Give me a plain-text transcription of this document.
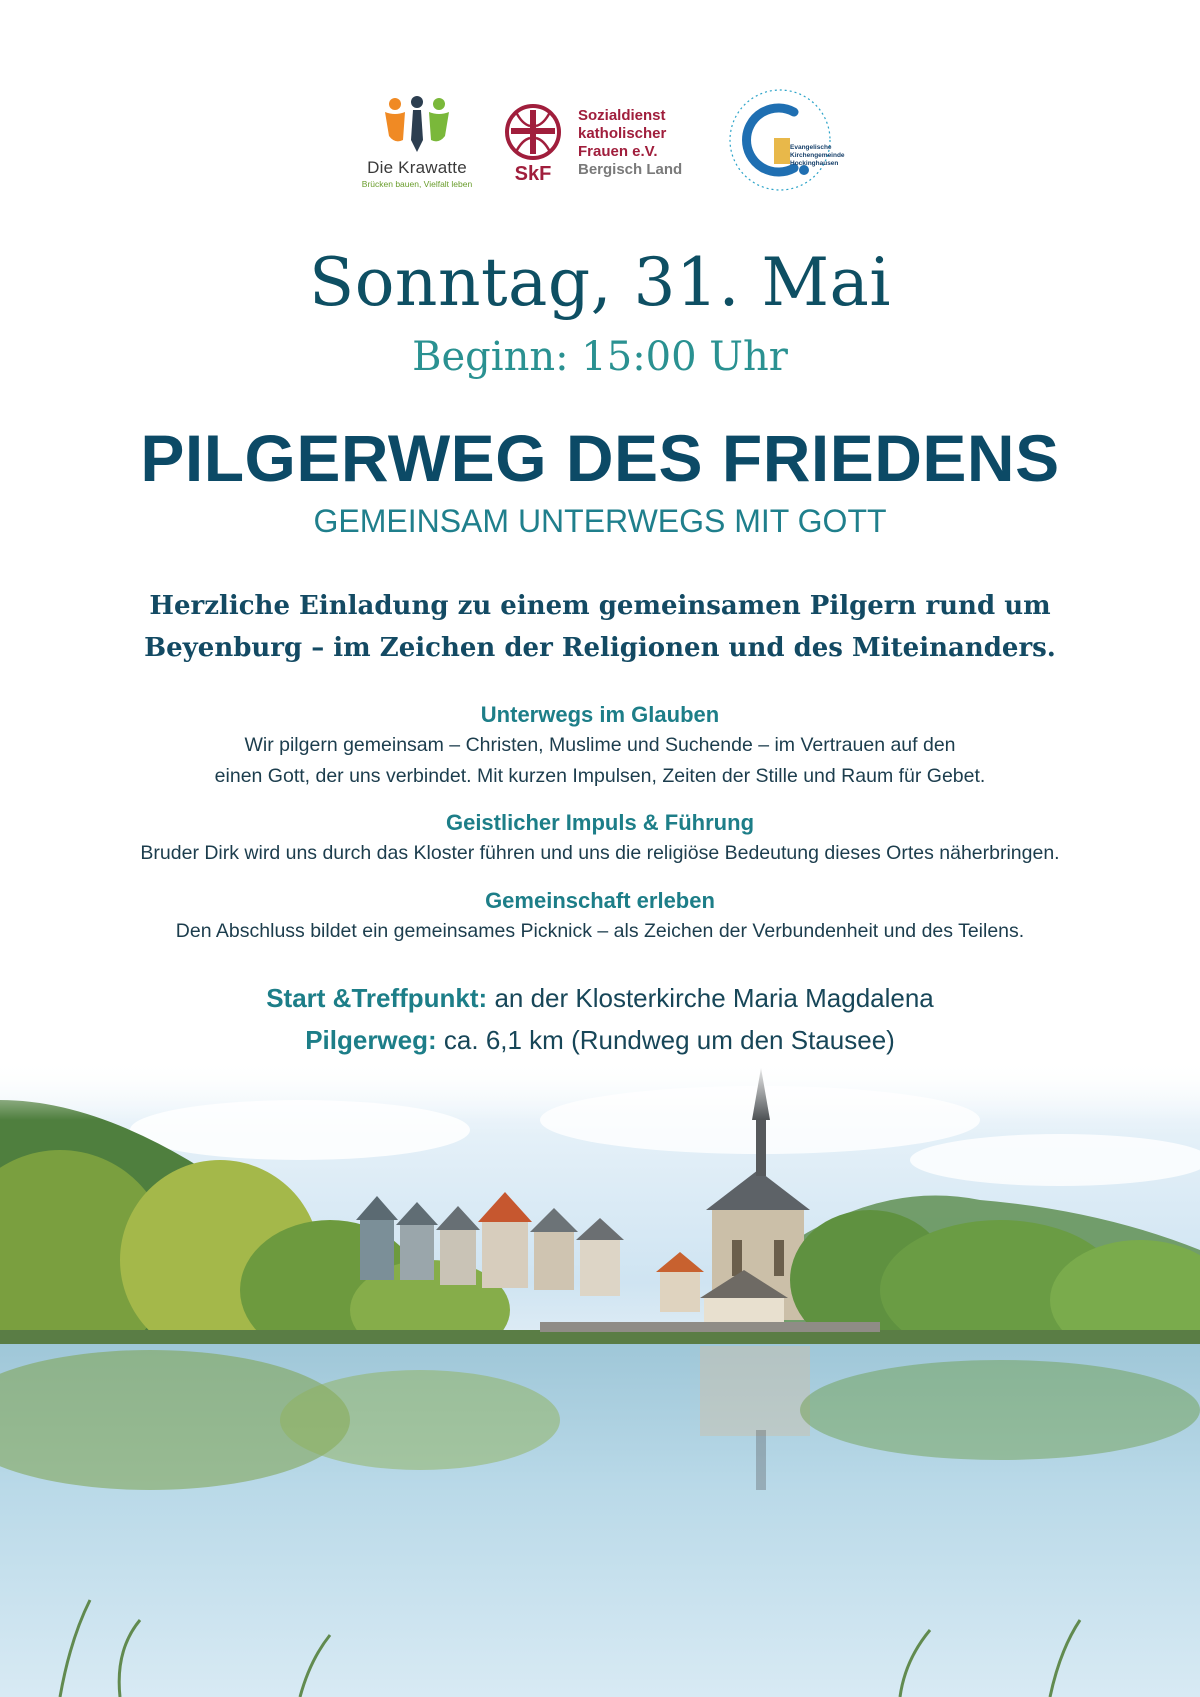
Die Krawatte
Brücken bauen, Vielfalt leben	SkF
Sozialdienst
katholischer
Frauen e.V.
Bergisch Land
Evangelische
Kirchengemeinde
Hockinghausen
Sonntag, 31. Mai
Beginn: 15:00 Uhr
PILGERWEG DES FRIEDENS
GEMEINSAM UNTERWEGS MIT GOTT
Herzliche Einladung zu einem gemeinsamen Pilgern rund um
Beyenburg – im Zeichen der Religionen und des Miteinanders.
Unterwegs im Glauben
Wir pilgern gemeinsam – Christen, Muslime und Suchende – im Vertrauen auf den
einen Gott, der uns verbindet. Mit kurzen Impulsen, Zeiten der Stille und Raum für Gebet.
Geistlicher Impuls & Führung
Bruder Dirk wird uns durch das Kloster führen und uns die religiöse Bedeutung dieses Ortes näherbringen.
Gemeinschaft erleben
Den Abschluss bildet ein gemeinsames Picknick – als Zeichen der Verbundenheit und des Teilens.
Start &Treffpunkt: an der Klosterkirche Maria Magdalena
Pilgerweg: ca. 6,1 km (Rundweg um den Stausee)
